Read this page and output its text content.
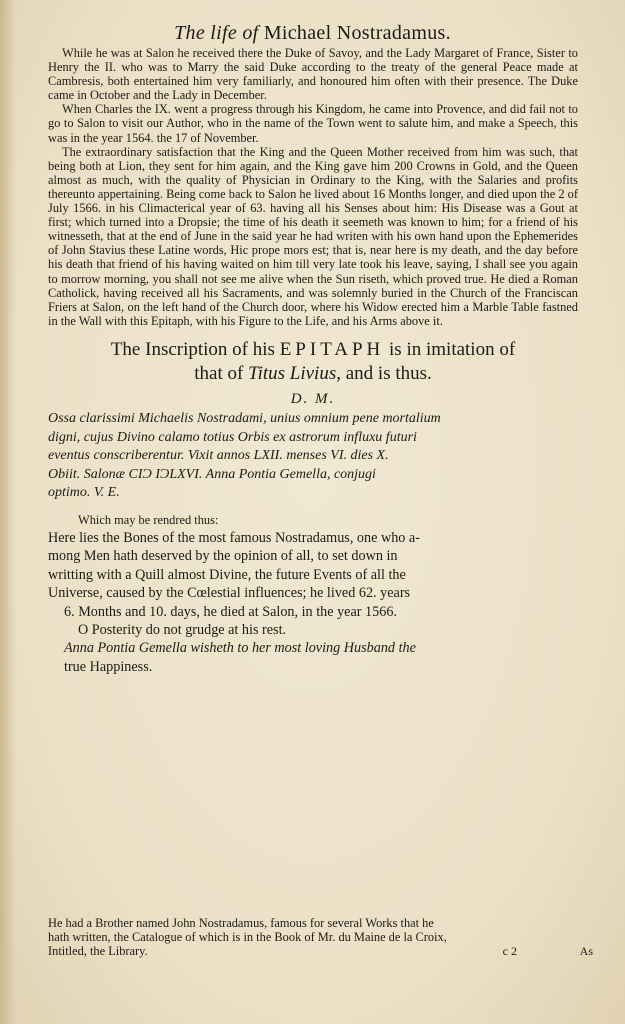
The life of Michael Nostradamus.

While he was at Salon he received there the Duke of Savoy, and the Lady Margaret of France, Sister to Henry the II. who was to Marry the said Duke according to the treaty of the general Peace made at Cambresis, both entertained him very familiarly, and honoured him often with their presence. The Duke came in October and the Lady in December.

When Charles the IX. went a progress through his Kingdom, he came into Provence, and did fail not to go to Salon to visit our Author, who in the name of the Town went to salute him, and make a Speech, this was in the year 1564. the 17 of November.

The extraordinary satisfaction that the King and the Queen Mother received from him was such, that being both at Lion, they sent for him again, and the King gave him 200 Crowns in Gold, and the Queen almost as much, with the quality of Physician in Ordinary to the King, with the Salaries and profits thereunto appertaining. Being come back to Salon he lived about 16 Months longer, and died upon the 2 of July 1566. in his Climacterical year of 63. having all his Senses about him: His Disease was a Gout at first; which turned into a Dropsie; the time of his death it seemeth was known to him; for a friend of his witnesseth, that at the end of June in the said year he had writen with his own hand upon the Ephemerides of John Stavius these Latine words, Hic prope mors est; that is, near here is my death, and the day before his death that friend of his having waited on him till very late took his leave, saying, I shall see you again to morrow morning, you shall not see me alive when the Sun riseth, which proved true. He died a Roman Catholick, having received all his Sacraments, and was solemnly buried in the Church of the Franciscan Friers at Salon, on the left hand of the Church door, where his Widow erected him a Marble Table fastned in the Wall with this Epitaph, with his Figure to the Life, and his Arms above it.

The Inscription of his EPITAPH is in imitation of
that of Titus Livius, and is thus.
D. M.

Ossa clarissimi Michaelis Nostradami, unius omnium pene mortalium

digni, cujus Divino calamo totius Orbis ex astrorum influxu futuri

eventus conscriberentur. Vixit annos LXII. menses VI. dies X.

Obiit. Salonæ CIƆ IƆLXVI. Anna Pontia Gemella, conjugi

optimo. V. E.

Which may be rendred thus:

Here lies the Bones of the most famous Nostradamus, one who a-

mong Men hath deserved by the opinion of all, to set down in

writting with a Quill almost Divine, the future Events of all the

Universe, caused by the Cœlestial influences; he lived 62. years

6. Months and 10. days, he died at Salon, in the year 1566.

O Posterity do not grudge at his rest.

Anna Pontia Gemella wisheth to her most loving Husband the

true Happiness.

He had a Brother named John Nostradamus, famous for several Works that he
hath written, the Catalogue of which is in the Book of Mr. du Maine de la Croix,
Intitled, the Library.	c 2	As
